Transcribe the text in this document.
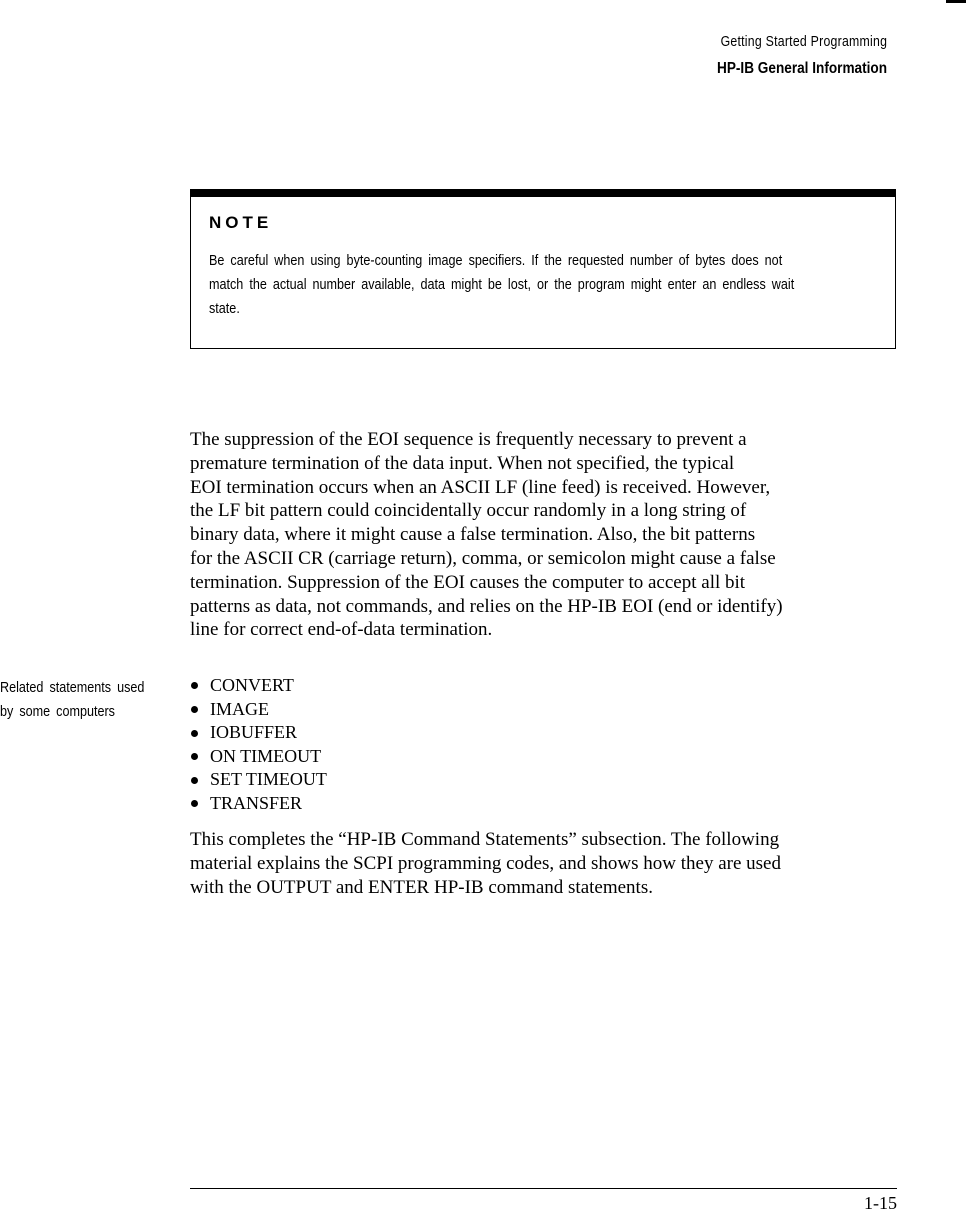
Getting Started Programming
HP-IB General Information
NOTE
Be careful when using byte-counting image specifiers. If the requested number of bytes does not
match the actual number available, data might be lost, or the program might enter an endless wait
state.
The suppression of the EOI sequence is frequently necessary to prevent a
premature termination of the data input. When not specified, the typical
EOI termination occurs when an ASCII LF (line feed) is received. However,
the LF bit pattern could coincidentally occur randomly in a long string of
binary data, where it might cause a false termination. Also, the bit patterns
for the ASCII CR (carriage return), comma, or semicolon might cause a false
termination. Suppression of the EOI causes the computer to accept all bit
patterns as data, not commands, and relies on the HP-IB EOI (end or identify)
line for correct end-of-data termination.
Related statements used
by some computers
CONVERT
IMAGE
IOBUFFER
ON TIMEOUT
SET TIMEOUT
TRANSFER
This completes the “HP-IB Command Statements” subsection. The following
material explains the SCPI programming codes, and shows how they are used
with the OUTPUT and ENTER HP-IB command statements.
1-15
